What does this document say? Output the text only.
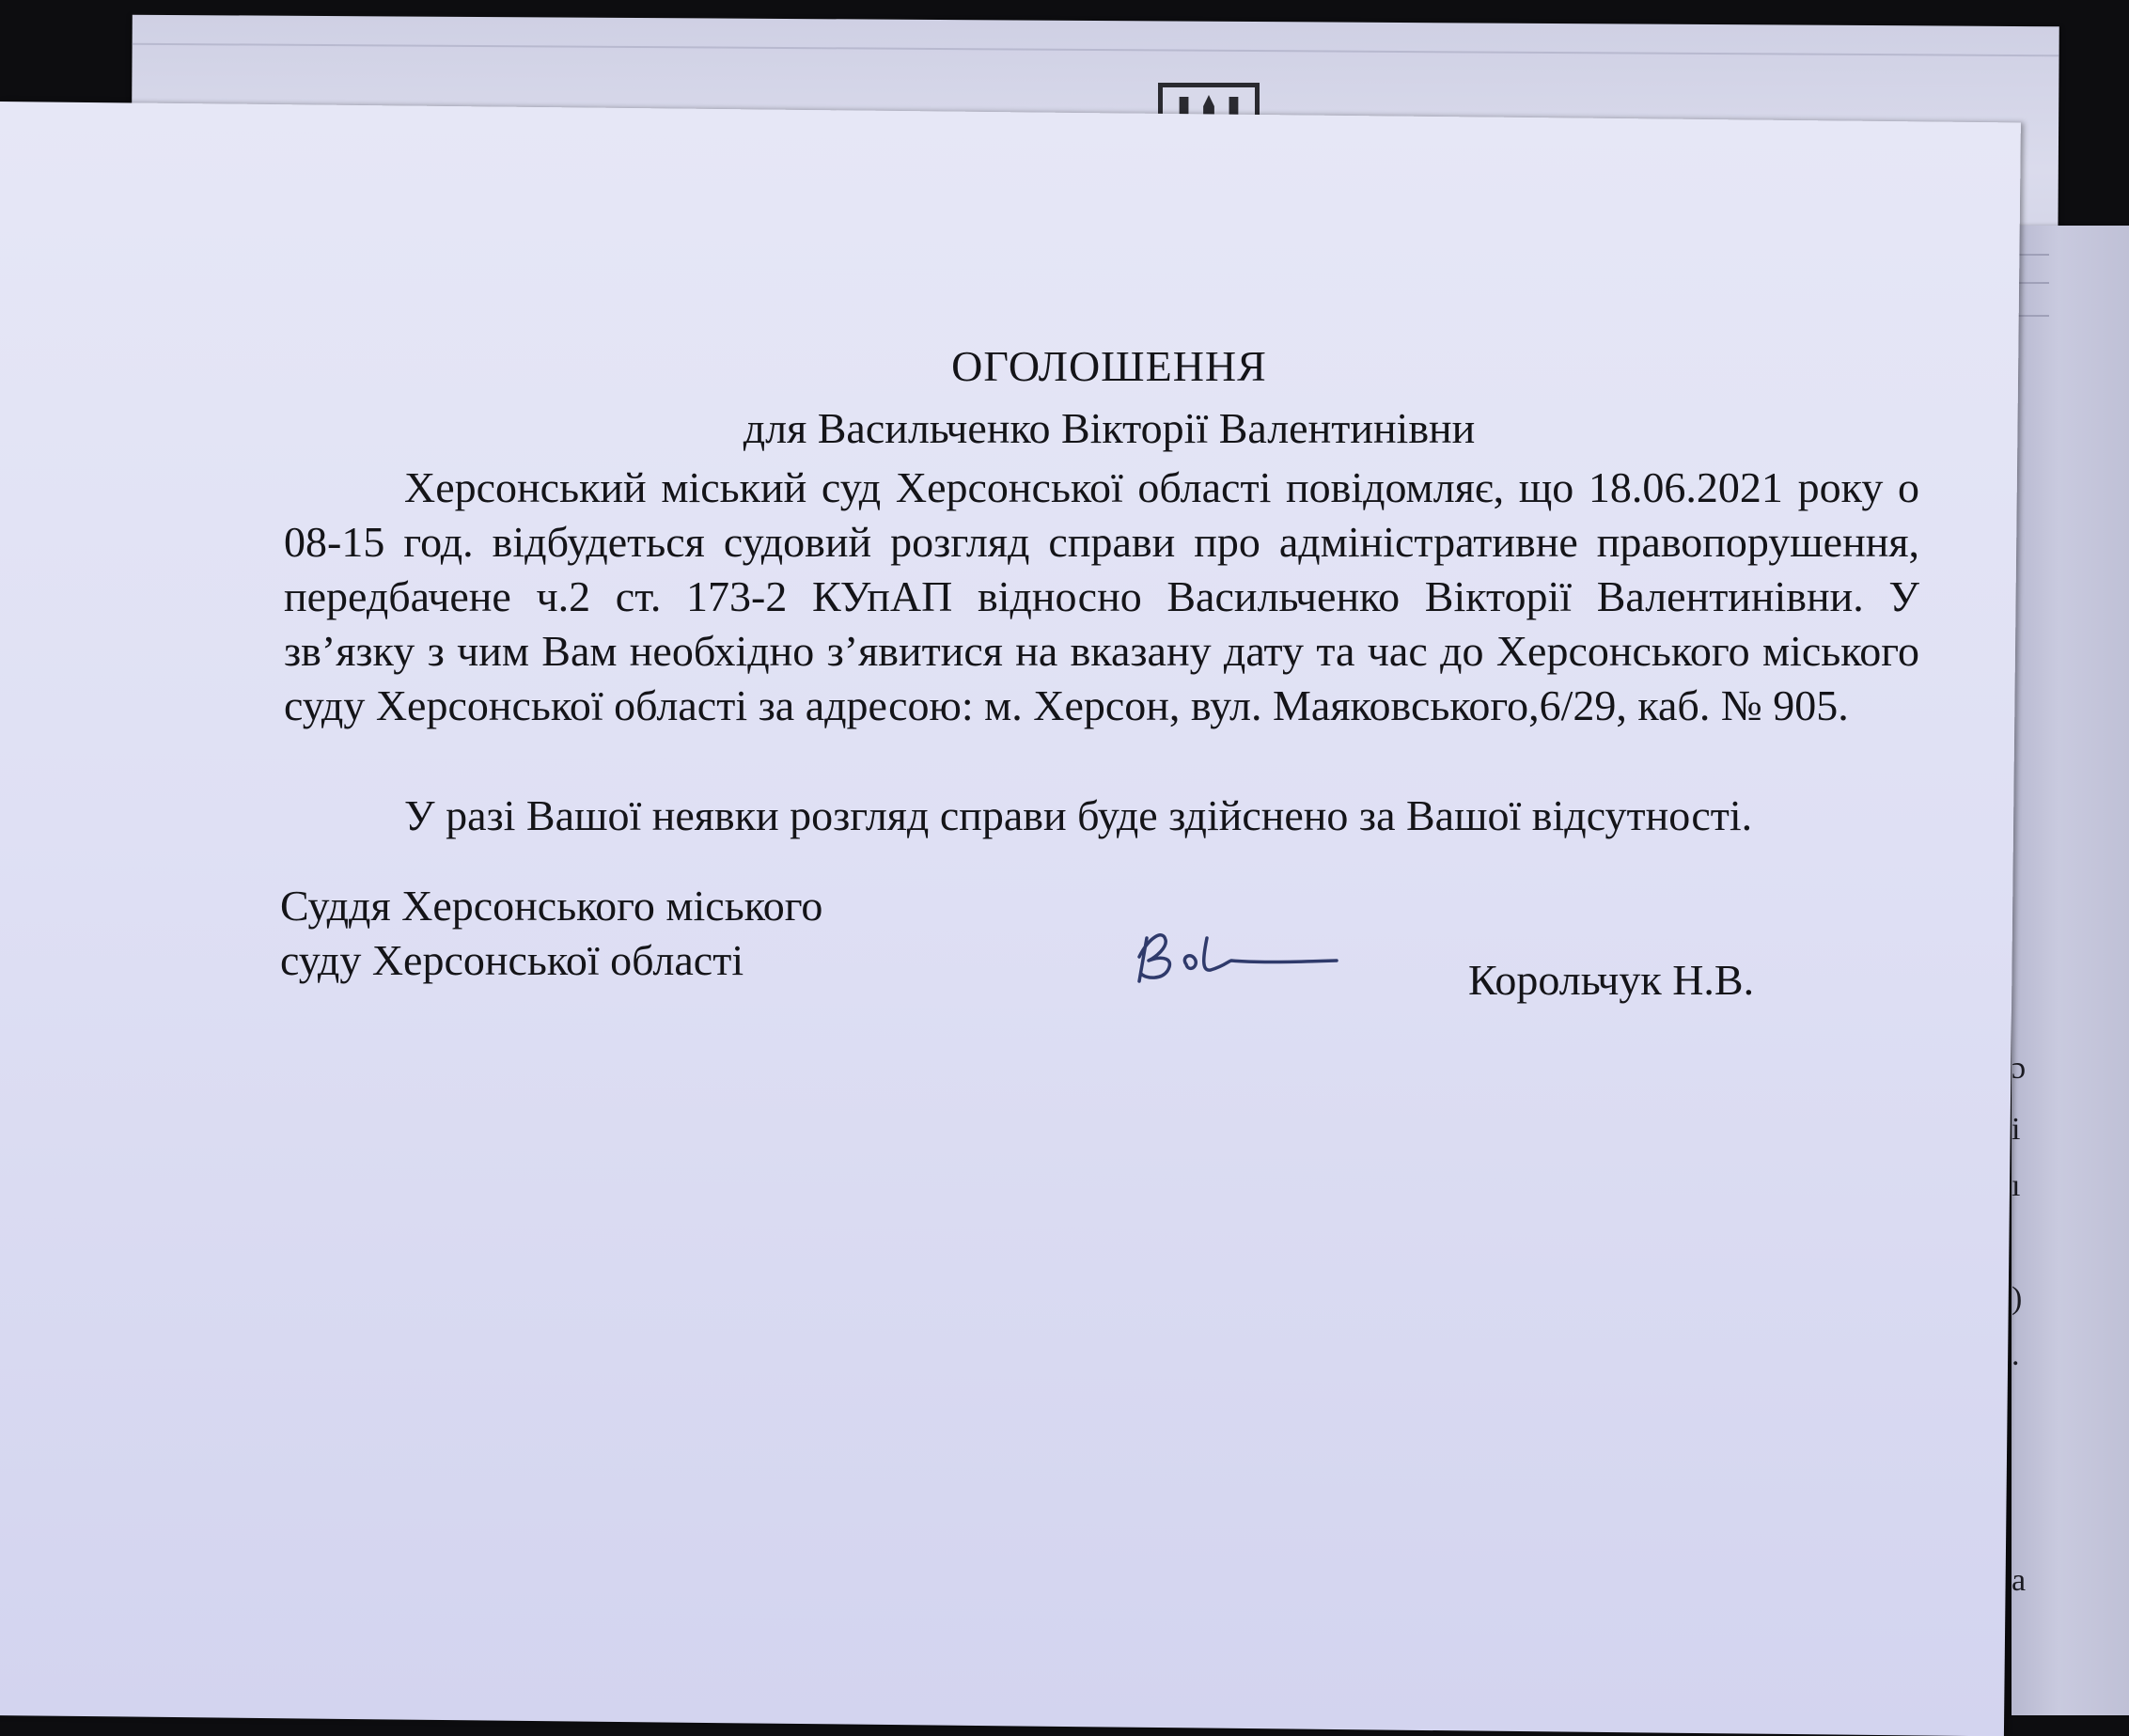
ɔ
і
ı
)
.
а
ОГОЛОШЕННЯ
для Васильченко Вікторії Валентинівни
Херсонський міський суд Херсонської області повідомляє, що 18.06.2021 року о 08-15 год. відбудеться судовий розгляд справи про адміністративне правопорушення, передбачене ч.2 ст. 173-2 КУпАП відносно Васильченко Вікторії Валентинівни. У зв’язку з чим Вам необхідно з’явитися на вказану дату та час до Херсонського міського суду Херсонської області за адресою: м. Херсон, вул. Маяковського,6/29, каб. № 905.
У разі Вашої неявки розгляд справи буде здійснено за Вашої відсутності.
Суддя Херсонського міського
суду Херсонської області	Корольчук Н.В.
